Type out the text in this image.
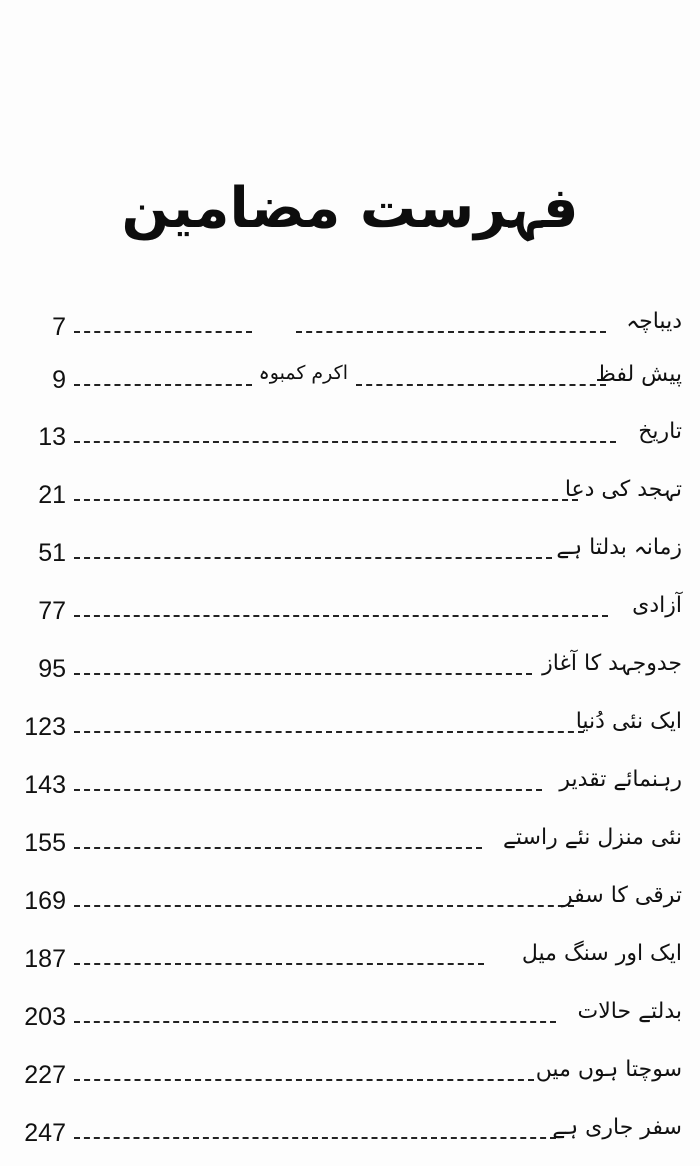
فہرست مضامین
7	دیباچہ
9	اکرم کمبوہ	پیش لفظ
13	تاریخ
21	تہجد کی دعا
51	زمانہ بدلتا ہے
77	آزادی
95	جدوجہد کا آغاز
123	ایک نئی دُنیا
143	رہنمائے تقدیر
155	نئی منزل نئے راستے
169	ترقی کا سفر
187	ایک اور سنگ میل
203	بدلتے حالات
227	سوچتا ہوں میں
247	سفر جاری ہے
